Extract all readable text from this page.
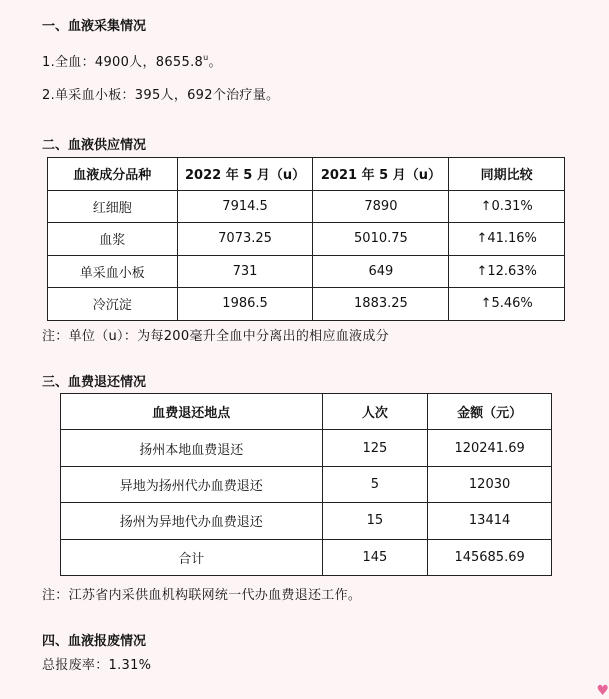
一、血液采集情况
1.全血：4900人，8655.8$^u$。
2.单采血小板：395人，692个治疗量。
二、血液供应情况
血液成分品种	2022 年 5 月（u）	2021 年 5 月（u）	同期比较
红细胞	7914.5	7890	↑0.31%
血浆	7073.25	5010.75	↑41.16%
单采血小板	731	649	↑12.63%
冷沉淀	1986.5	1883.25	↑5.46%
注：单位（u）：为每200毫升全血中分离出的相应血液成分
三、血费退还情况
血费退还地点	人次	金额（元）
扬州本地血费退还	125	120241.69
异地为扬州代办血费退还	5	12030
扬州为异地代办血费退还	15	13414
合计	145	145685.69
注：江苏省内采供血机构联网统一代办血费退还工作。
四、血液报废情况
总报废率：1.31%
♥
